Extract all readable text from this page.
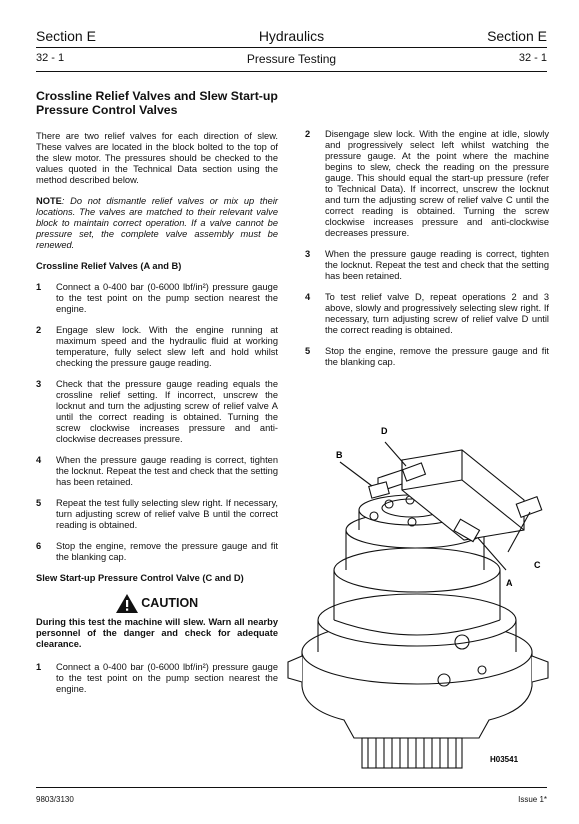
Section E	Hydraulics	Section E
32 - 1	Pressure Testing	32 - 1
Crossline Relief Valves and Slew Start-up Pressure Control Valves

There are two relief valves for each direction of slew. These valves are located in the block bolted to the top of the slew motor. The pressures should be checked to the values quoted in the Technical Data section using the method described below.

NOTE: Do not dismantle relief valves or mix up their locations. The valves are matched to their relevant valve block to maintain correct operation. If a valve cannot be pressure set, the complete valve assembly must be renewed.

Crossline Relief Valves (A and B)
1	Connect a 0-400 bar (0-6000 lbf/in²) pressure gauge to the test point on the pump section nearest the engine.
2	Engage slew lock. With the engine running at maximum speed and the hydraulic fluid at working temperature, fully select slew left and hold whilst checking the pressure gauge reading.
3	Check that the pressure gauge reading equals the crossline relief setting. If incorrect, unscrew the locknut and turn the adjusting screw of relief valve A until the correct reading is obtained. Turning the screw clockwise increases pressure and anti-clockwise decreases pressure.
4	When the pressure gauge reading is correct, tighten the locknut. Repeat the test and check that the setting has been retained.
5	Repeat the test fully selecting slew right. If necessary, turn adjusting screw of relief valve B until the correct reading is obtained.
6	Stop the engine, remove the pressure gauge and fit the blanking cap.
Slew Start-up Pressure Control Valve (C and D)
CAUTION

During this test the machine will slew. Warn all nearby personnel of the danger and check for adequate clearance.

1	Connect a 0-400 bar (0-6000 lbf/in²) pressure gauge to the test point on the pump section nearest the engine.
2	Disengage slew lock. With the engine at idle, slowly and progressively select left whilst watching the pressure gauge. At the point where the machine begins to slew, check the reading on the pressure gauge. This should equal the start-up pressure (refer to Technical Data). If incorrect, unscrew the locknut and turn the adjusting screw of relief valve C until the correct reading is obtained. Turning the screw clockwise increases pressure and anti-clockwise decreases pressure.
3	When the pressure gauge reading is correct, tighten the locknut. Repeat the test and check that the setting has been retained.
4	To test relief valve D, repeat operations 2 and 3 above, slowly and progressively selecting slew right. If necessary, turn adjusting screw of relief valve D until the correct reading is obtained.
5	Stop the engine, remove the pressure gauge and fit the blanking cap.
D
B
C
A
H03541
9803/3130	Issue 1*
